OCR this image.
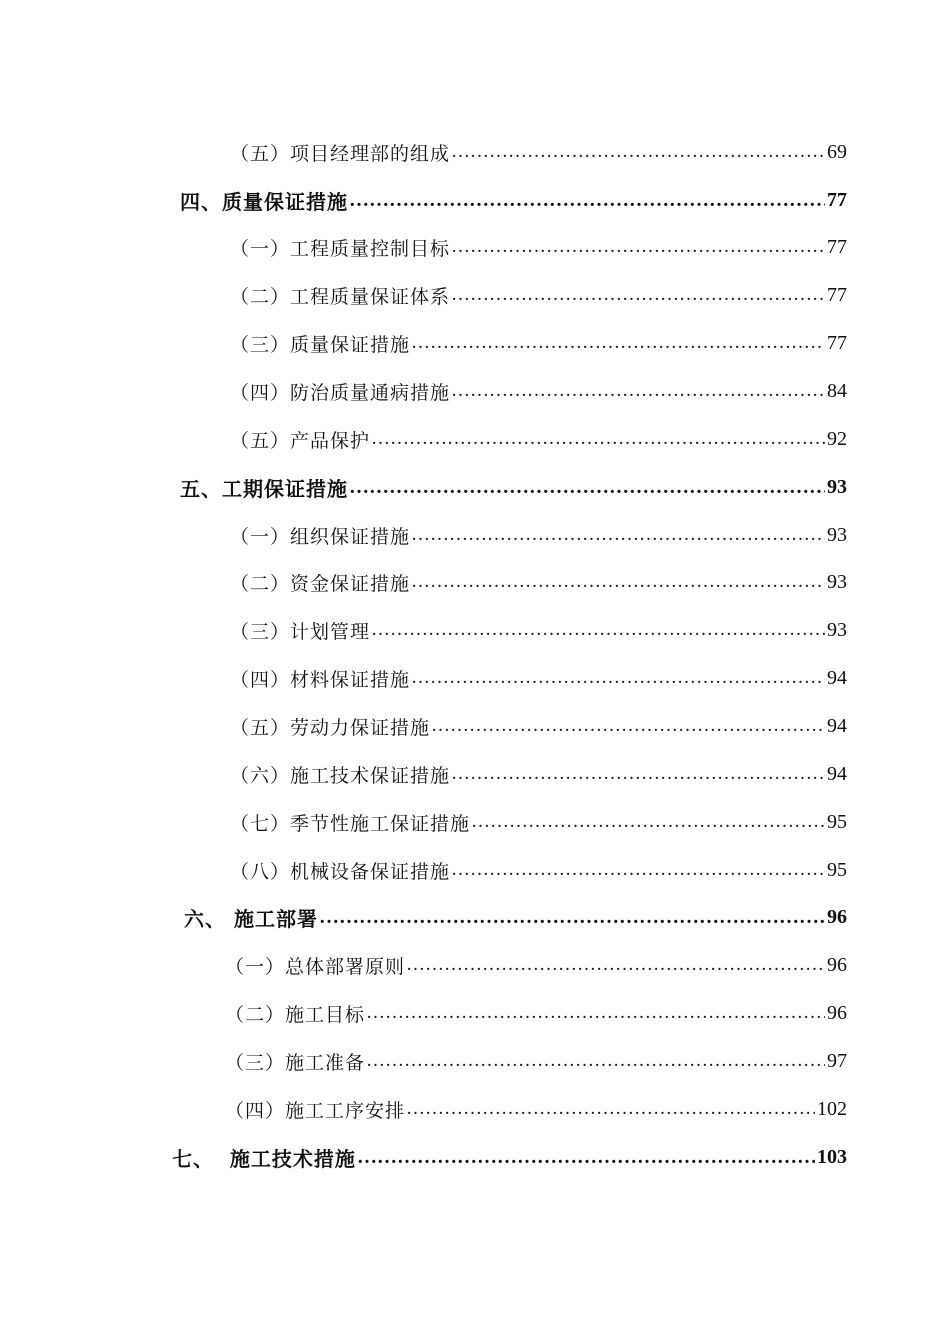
（五）项目经理部的组成 ……………………………………………………………………………………………………………………………………………………………………………………………	69
四、质量保证措施 ……………………………………………………………………………………………………………………………………………………………………………………………	77
（一）工程质量控制目标 ……………………………………………………………………………………………………………………………………………………………………………………………	77
（二）工程质量保证体系 ……………………………………………………………………………………………………………………………………………………………………………………………	77
（三）质量保证措施 ……………………………………………………………………………………………………………………………………………………………………………………………	77
（四）防治质量通病措施 ……………………………………………………………………………………………………………………………………………………………………………………………	84
（五）产品保护 ……………………………………………………………………………………………………………………………………………………………………………………………	92
五、工期保证措施 ……………………………………………………………………………………………………………………………………………………………………………………………	93
（一）组织保证措施 ……………………………………………………………………………………………………………………………………………………………………………………………	93
（二）资金保证措施 ……………………………………………………………………………………………………………………………………………………………………………………………	93
（三）计划管理 ……………………………………………………………………………………………………………………………………………………………………………………………	93
（四）材料保证措施 ……………………………………………………………………………………………………………………………………………………………………………………………	94
（五）劳动力保证措施 ……………………………………………………………………………………………………………………………………………………………………………………………	94
（六）施工技术保证措施 ……………………………………………………………………………………………………………………………………………………………………………………………	94
（七）季节性施工保证措施 ……………………………………………………………………………………………………………………………………………………………………………………………	95
（八）机械设备保证措施 ……………………………………………………………………………………………………………………………………………………………………………………………	95
六、 施工部署 ……………………………………………………………………………………………………………………………………………………………………………………………	96
（一）总体部署原则 ……………………………………………………………………………………………………………………………………………………………………………………………	96
（二）施工目标 ……………………………………………………………………………………………………………………………………………………………………………………………	96
（三）施工准备 ……………………………………………………………………………………………………………………………………………………………………………………………	97
（四）施工工序安排 ……………………………………………………………………………………………………………………………………………………………………………………………	102
七、  施工技术措施 ……………………………………………………………………………………………………………………………………………………………………………………………	103
